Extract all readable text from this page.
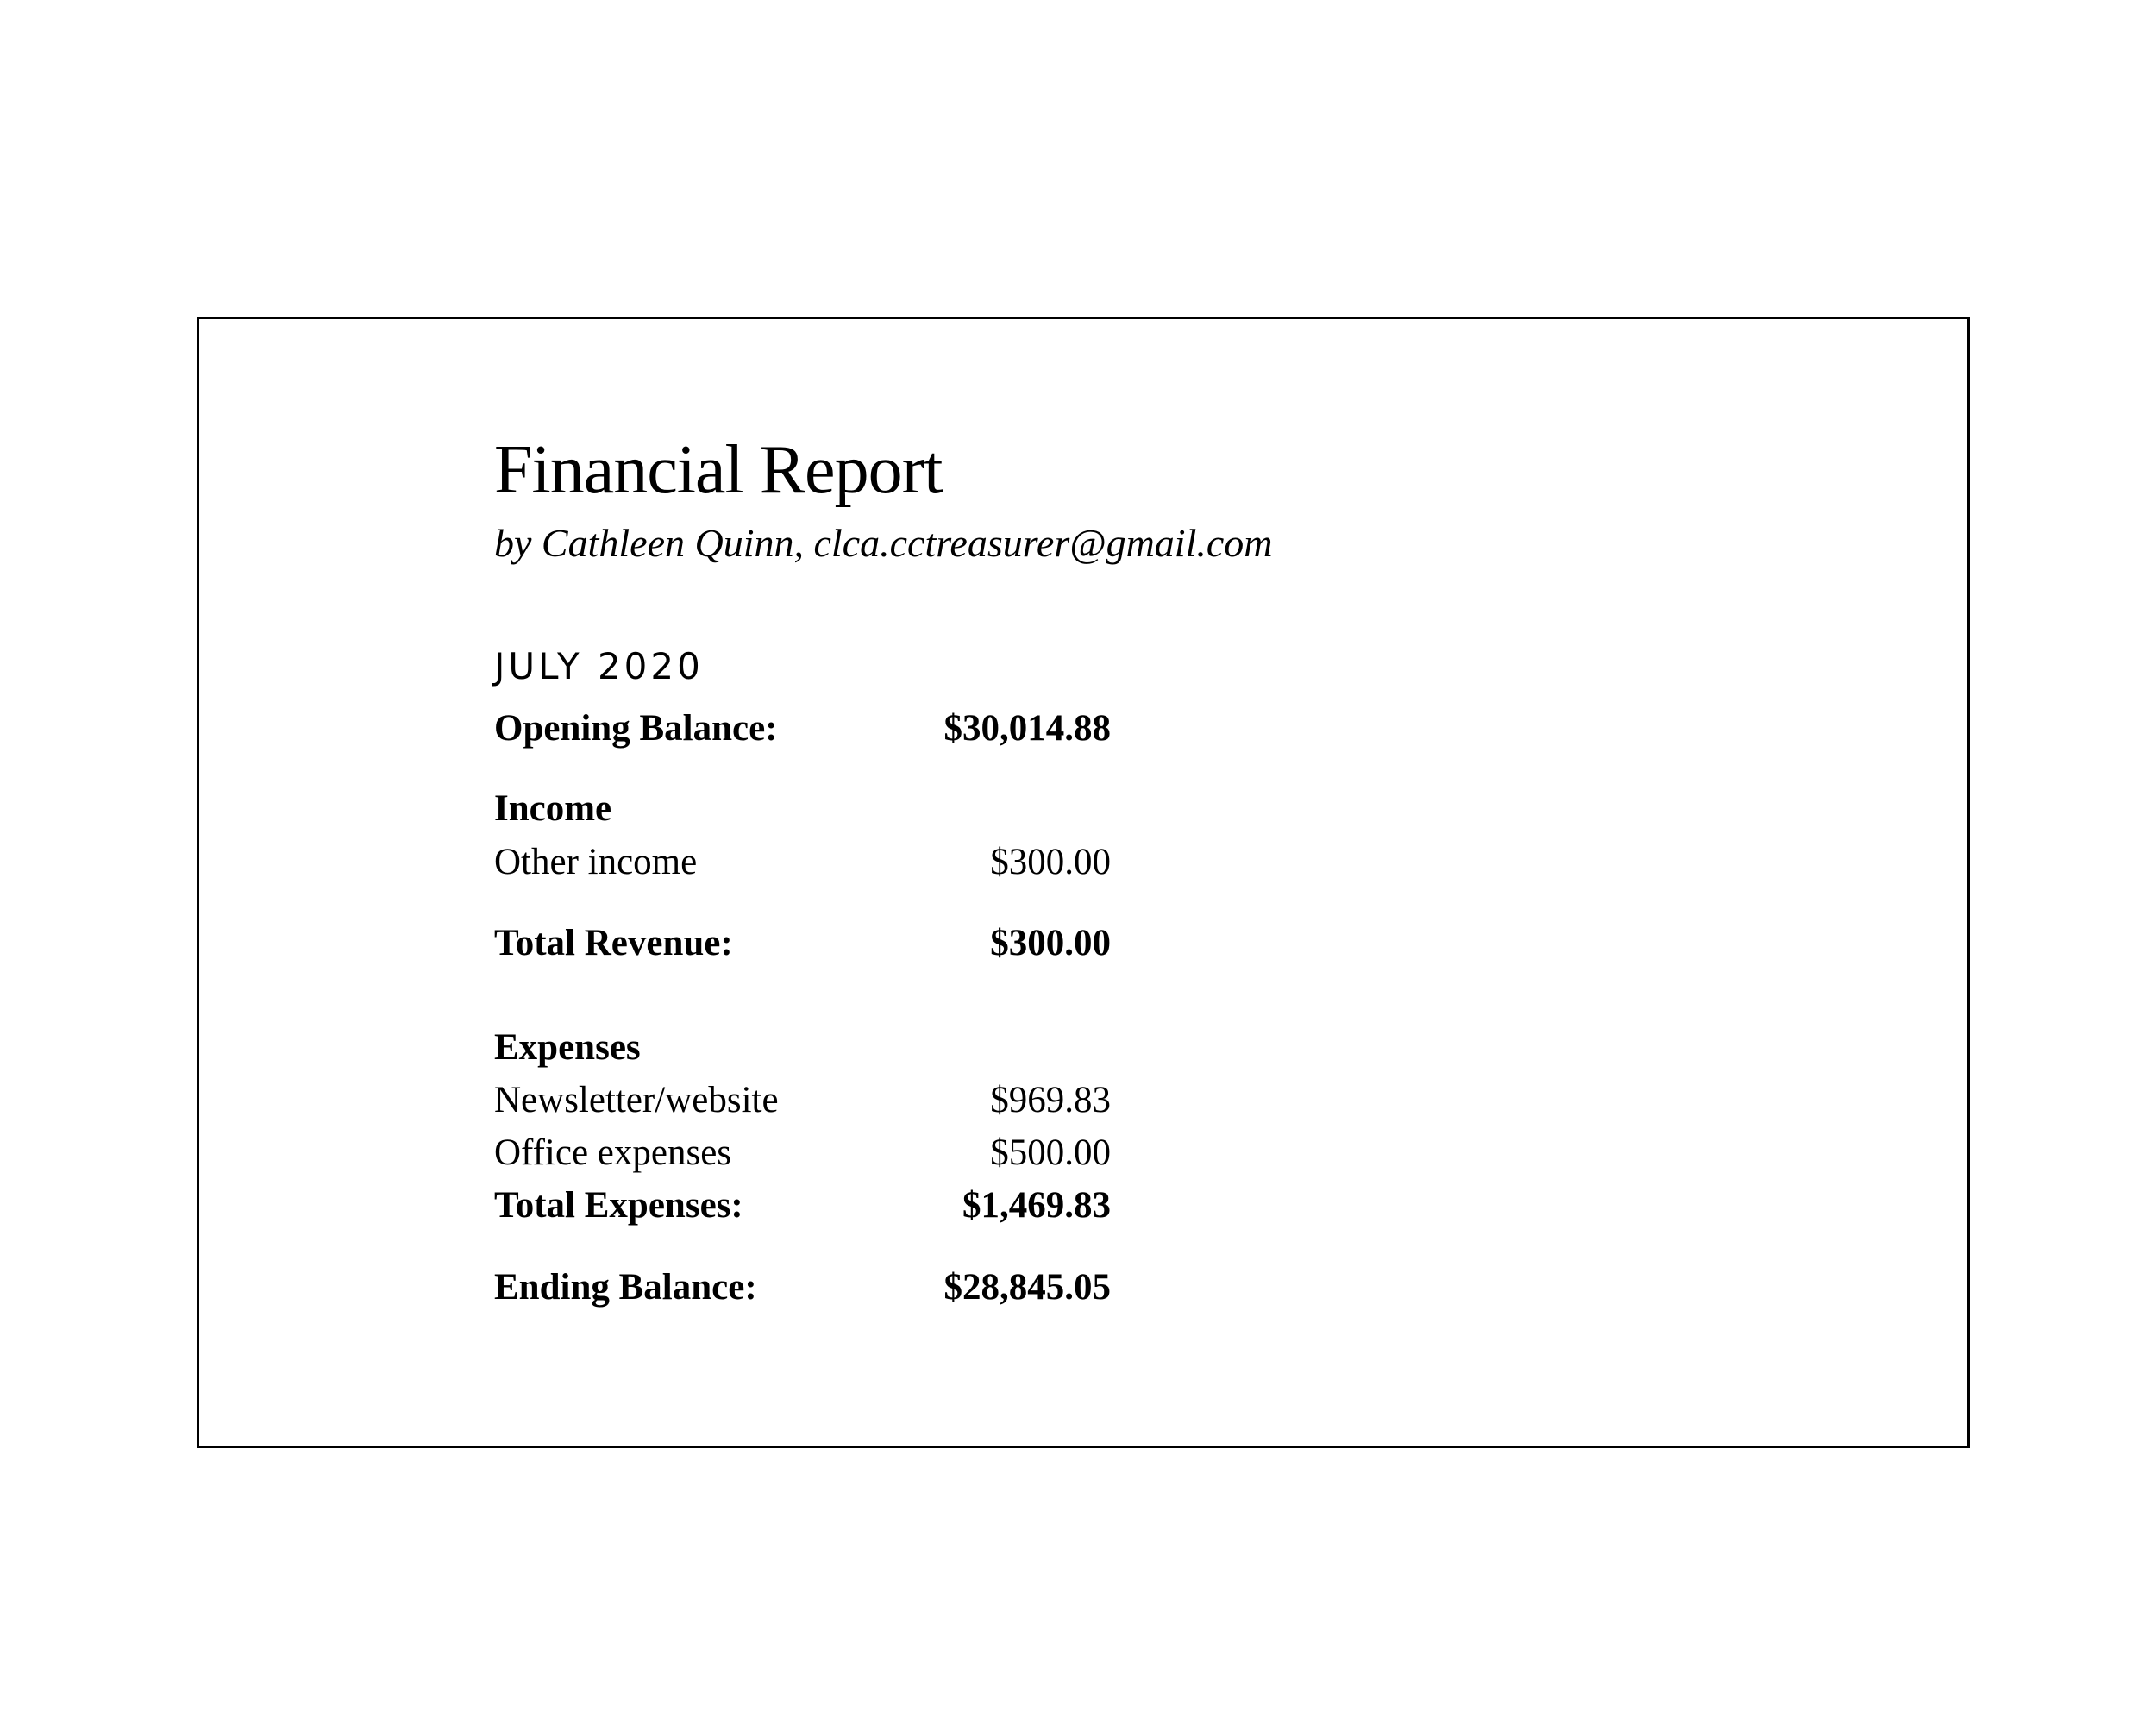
Financial Report
by Cathleen Quinn, clca.cctreasurer@gmail.com
JULY 2020
Opening Balance:	$30,014.88
Income
Other income	$300.00
Total Revenue:	$300.00
Expenses
Newsletter/website	$969.83
Office expenses	$500.00
Total Expenses:	$1,469.83
Ending Balance:	$28,845.05
